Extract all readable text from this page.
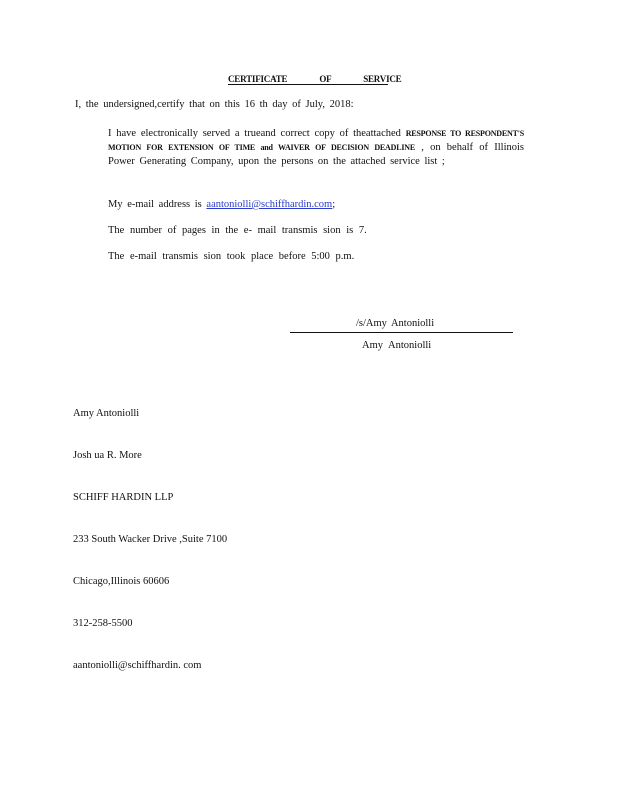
CERTIFICATE OF SERVICE
I, the undersigned,certify that on this 16 th day of July, 2018:
I have electronically served a trueand correct copy of theattached RESPONSE TO RESPONDENT'S MOTION FOR EXTENSION OF TIME and WAIVER OF DECISION DEADLINE , on behalf of Illinois Power Generating Company, upon the persons on the attached service list ;
My e-mail address is aantoniolli@schiffhardin.com;
The number of pages in the e- mail transmis sion is 7.
The e-mail transmis sion took place before 5:00 p.m.
/s/Amy Antoniolli
Amy Antoniolli

Amy Antoniolli

Josh ua R. More

SCHIFF HARDIN LLP

233 South Wacker Drive ,Suite 7100

Chicago,Illinois 60606

312-258-5500

aantoniolli@schiffhardin. com
